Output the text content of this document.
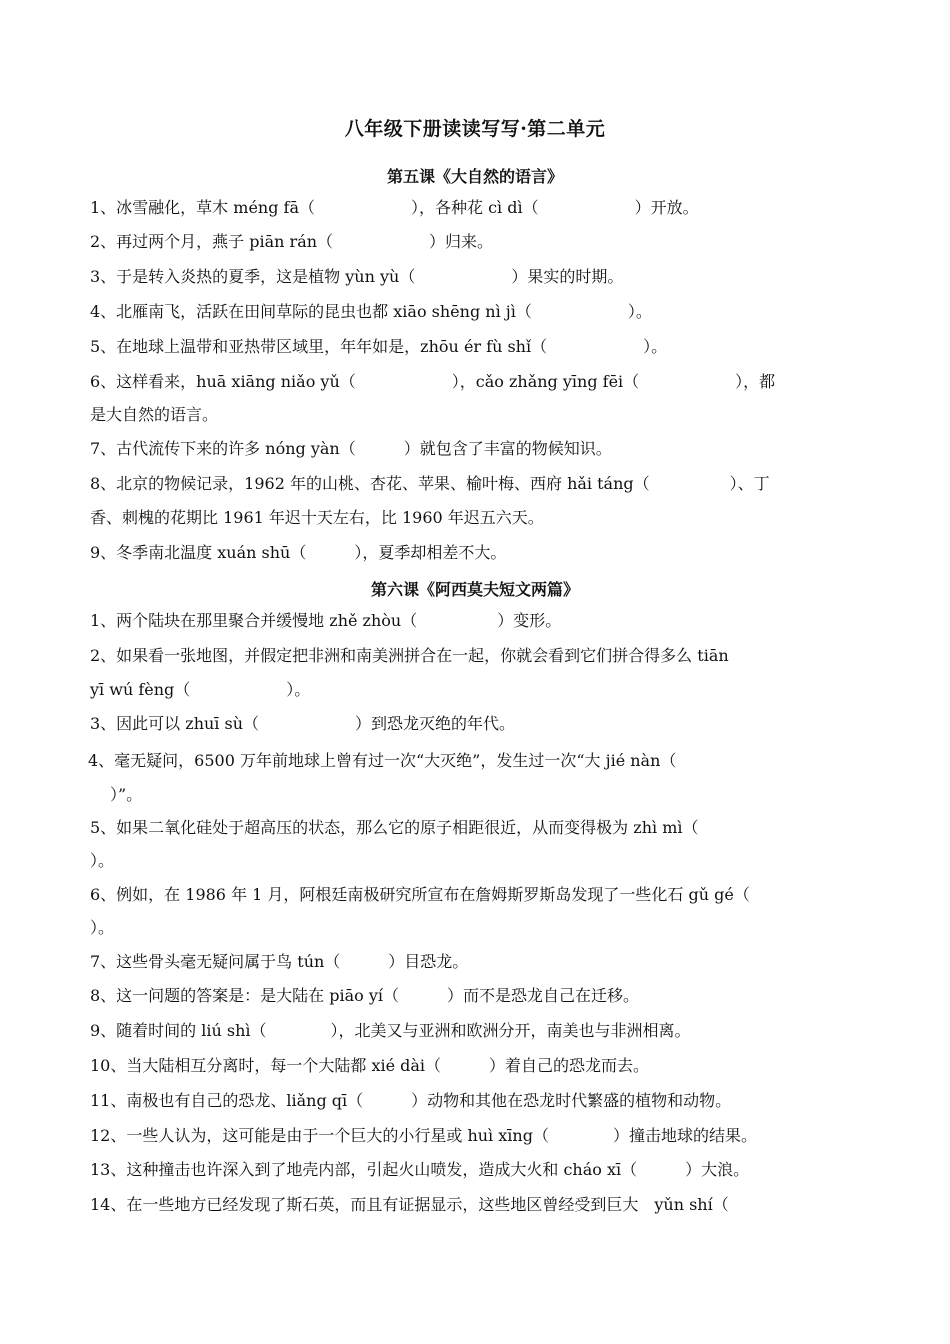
八年级下册读读写写·第二单元
第五课《大自然的语言》
1、冰雪融化，草木 méng fā（　　　　　　），各种花 cì dì（　　　　　　）开放。
2、再过两个月，燕子 piān rán（　　　　　　）归来。
3、于是转入炎热的夏季，这是植物 yùn yù（　　　　　　）果实的时期。
4、北雁南飞，活跃在田间草际的昆虫也都 xiāo shēng nì jì（　　　　　　）。
5、在地球上温带和亚热带区域里，年年如是，zhōu ér fù shǐ（　　　　　　）。
6、这样看来，huā xiāng niǎo yǔ（　　　　　　），cǎo zhǎng yīng fēi（　　　　　　），都
是大自然的语言。
7、古代流传下来的许多 nóng yàn（　　　）就包含了丰富的物候知识。
8、北京的物候记录，1962 年的山桃、杏花、苹果、榆叶梅、西府 hǎi táng（　　　　　）、丁
香、刺槐的花期比 1961 年迟十天左右，比 1960 年迟五六天。
9、冬季南北温度 xuán shū（　　　），夏季却相差不大。
第六课《阿西莫夫短文两篇》
1、两个陆块在那里聚合并缓慢地 zhě zhòu（　　　　　）变形。
2、如果看一张地图，并假定把非洲和南美洲拼合在一起，你就会看到它们拼合得多么 tiān
yī wú fèng（　　　　　　）。
3、因此可以 zhuī sù（　　　　　　）到恐龙灭绝的年代。
4、毫无疑问，6500 万年前地球上曾有过一次“大灭绝”，发生过一次“大 jié nàn（
）”。
5、如果二氧化硅处于超高压的状态，那么它的原子相距很近，从而变得极为 zhì mì（
）。
6、例如，在 1986 年 1 月，阿根廷南极研究所宣布在詹姆斯罗斯岛发现了一些化石 gǔ gé（
）。
7、这些骨头毫无疑问属于鸟 tún（　　　）目恐龙。
8、这一问题的答案是：是大陆在 piāo yí（　　　）而不是恐龙自己在迁移。
9、随着时间的 liú shì（　　　　），北美又与亚洲和欧洲分开，南美也与非洲相离。
10、当大陆相互分离时，每一个大陆都 xié dài（　　　）着自己的恐龙而去。
11、南极也有自己的恐龙、liǎng qī（　　　）动物和其他在恐龙时代繁盛的植物和动物。
12、一些人认为，这可能是由于一个巨大的小行星或 huì xīng（　　　　）撞击地球的结果。
13、这种撞击也许深入到了地壳内部，引起火山喷发，造成大火和 cháo xī（　　　）大浪。
14、在一些地方已经发现了斯石英，而且有证据显示，这些地区曾经受到巨大　yǔn shí（
